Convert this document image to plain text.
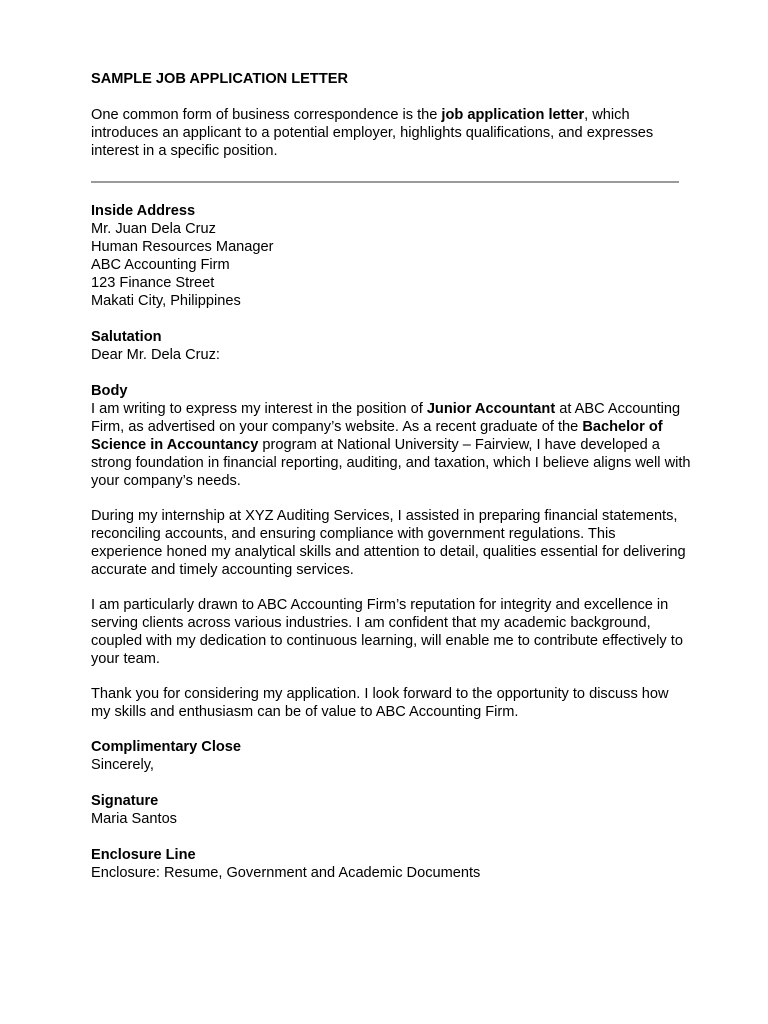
SAMPLE JOB APPLICATION LETTER

One common form of business correspondence is the job application letter, which introduces an applicant to a potential employer, highlights qualifications, and expresses interest in a specific position.

Inside Address
Mr. Juan Dela Cruz
Human Resources Manager
ABC Accounting Firm
123 Finance Street
Makati City, Philippines
Salutation
Dear Mr. Dela Cruz:
Body

I am writing to express my interest in the position of Junior Accountant at ABC Accounting Firm, as advertised on your company’s website. As a recent graduate of the Bachelor of Science in Accountancy program at National University – Fairview, I have developed a strong foundation in financial reporting, auditing, and taxation, which I believe aligns well with your company’s needs.

During my internship at XYZ Auditing Services, I assisted in preparing financial statements, reconciling accounts, and ensuring compliance with government regulations. This experience honed my analytical skills and attention to detail, qualities essential for delivering accurate and timely accounting services.

I am particularly drawn to ABC Accounting Firm’s reputation for integrity and excellence in serving clients across various industries. I am confident that my academic background, coupled with my dedication to continuous learning, will enable me to contribute effectively to your team.

Thank you for considering my application. I look forward to the opportunity to discuss how my skills and enthusiasm can be of value to ABC Accounting Firm.

Complimentary Close
Sincerely,
Signature
Maria Santos
Enclosure Line
Enclosure: Resume, Government and Academic Documents
